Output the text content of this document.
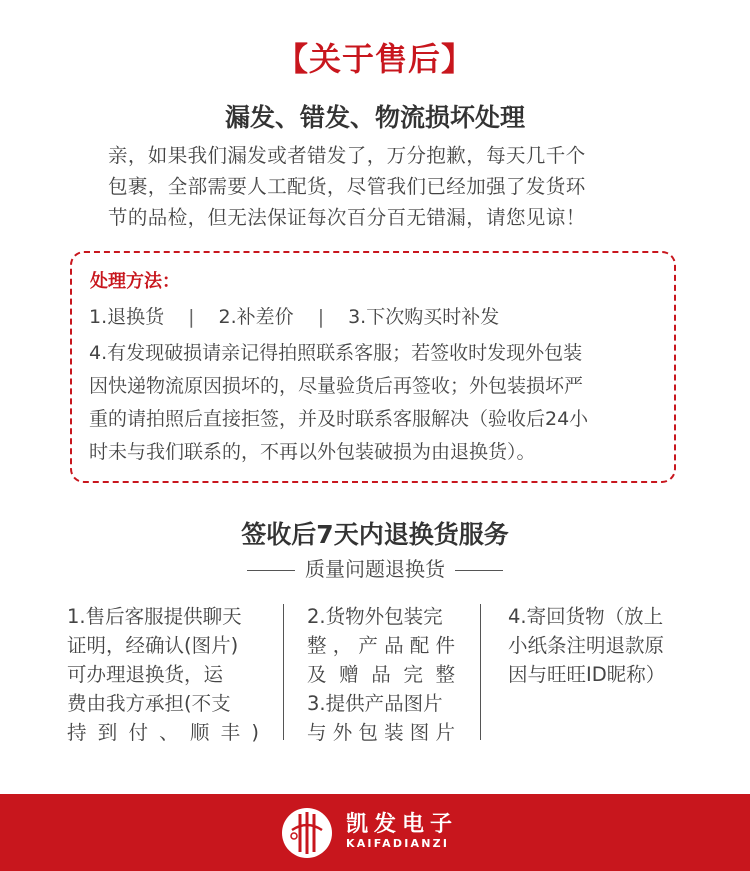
【关于售后】
漏发、错发、物流损坏处理
亲，如果我们漏发或者错发了，万分抱歉，每天几千个
包裹，全部需要人工配货，尽管我们已经加强了发货环
节的品检，但无法保证每次百分百无错漏，请您见谅！
处理方法：
1.退换货 | 2.补差价 | 3.下次购买时补发
4.有发现破损请亲记得拍照联系客服；若签收时发现外包装
因快递物流原因损坏的，尽量验货后再签收；外包装损坏严
重的请拍照后直接拒签，并及时联系客服解决（验收后24小
时未与我们联系的，不再以外包装破损为由退换货）。
签收后7天内退换货服务
质量问题退换货
1.售后客服提供聊天
证明，经确认(图片)
可办理退换货，运
费由我方承担(不支
持 到 付 、 顺 丰 )
2.货物外包装完
整 ， 产 品 配 件
及 赠 品 完 整
3.提供产品图片
与 外 包 装 图 片
4.寄回货物（放上
小纸条注明退款原
因与旺旺ID昵称）
凯发电子
KAIFADIANZI
